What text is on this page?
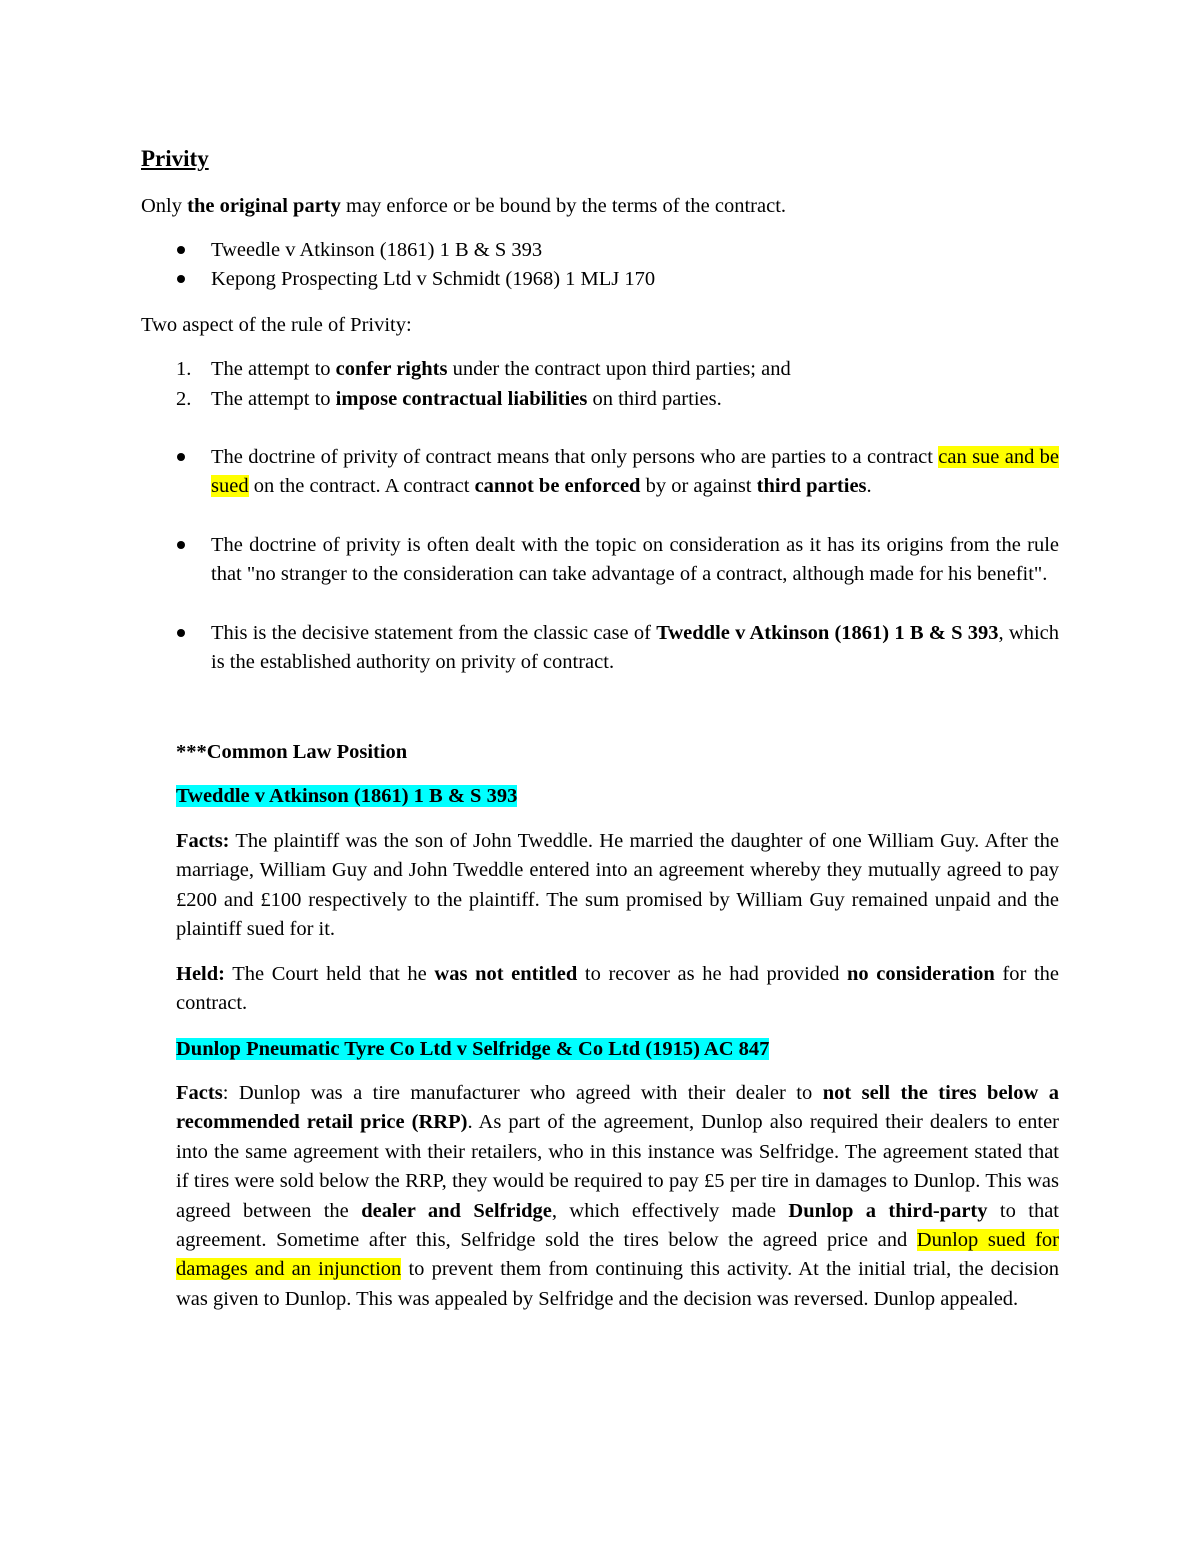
Privity
Only the original party may enforce or be bound by the terms of the contract.
Tweedle v Atkinson (1861) 1 B & S 393
Kepong Prospecting Ltd v Schmidt (1968) 1 MLJ 170
Two aspect of the rule of Privity:
1. The attempt to confer rights under the contract upon third parties; and
2. The attempt to impose contractual liabilities on third parties.
The doctrine of privity of contract means that only persons who are parties to a contract can sue and be sued on the contract. A contract cannot be enforced by or against third parties.
The doctrine of privity is often dealt with the topic on consideration as it has its origins from the rule that "no stranger to the consideration can take advantage of a contract, although made for his benefit".
This is the decisive statement from the classic case of Tweddle v Atkinson (1861) 1 B & S 393, which is the established authority on privity of contract.
***Common Law Position
Tweddle v Atkinson (1861) 1 B & S 393
Facts: The plaintiff was the son of John Tweddle. He married the daughter of one William Guy. After the marriage, William Guy and John Tweddle entered into an agreement whereby they mutually agreed to pay £200 and £100 respectively to the plaintiff. The sum promised by William Guy remained unpaid and the plaintiff sued for it.
Held: The Court held that he was not entitled to recover as he had provided no consideration for the contract.
Dunlop Pneumatic Tyre Co Ltd v Selfridge & Co Ltd (1915) AC 847
Facts: Dunlop was a tire manufacturer who agreed with their dealer to not sell the tires below a recommended retail price (RRP). As part of the agreement, Dunlop also required their dealers to enter into the same agreement with their retailers, who in this instance was Selfridge. The agreement stated that if tires were sold below the RRP, they would be required to pay £5 per tire in damages to Dunlop. This was agreed between the dealer and Selfridge, which effectively made Dunlop a third-party to that agreement. Sometime after this, Selfridge sold the tires below the agreed price and Dunlop sued for damages and an injunction to prevent them from continuing this activity. At the initial trial, the decision was given to Dunlop. This was appealed by Selfridge and the decision was reversed. Dunlop appealed.
